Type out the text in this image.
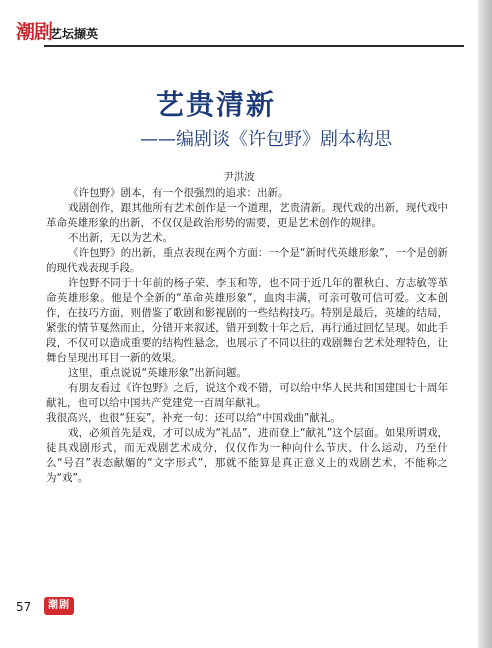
潮剧
艺坛撷英
艺贵清新
——编剧谈《许包野》剧本构思
尹洪波

《许包野》剧本，有一个很强烈的追求：出新。

戏剧创作，跟其他所有艺术创作是一个道理，艺贵清新。现代戏的出新，现代戏中革命英雄形象的出新，不仅仅是政治形势的需要，更是艺术创作的规律。

不出新，无以为艺术。

《许包野》的出新，重点表现在两个方面：一个是“新时代英雄形象”，一个是创新的现代戏表现手段。

许包野不同于十年前的杨子荣、李玉和等，也不同于近几年的瞿秋白、方志敏等革命英雄形象。他是个全新的“革命英雄形象”，血肉丰满，可亲可敬可信可爱。文本创作，在技巧方面，则借鉴了歌剧和影视剧的一些结构技巧。特别是最后，英雄的结局，紧张的情节戛然而止，分错开来叙述，错开到数十年之后，再行通过回忆呈现。如此手段，不仅可以造成重要的结构性悬念，也展示了不同以往的戏剧舞台艺术处理特色，让舞台呈现出耳目一新的效果。

这里，重点说说“英雄形象”出新问题。

有朋友看过《许包野》之后，说这个戏不错，可以给中华人民共和国建国七十周年献礼，也可以给中国共产党建党一百周年献礼。

我很高兴，也很“狂妄”，补充一句：还可以给“中国戏曲”献礼。

戏，必须首先是戏，才可以成为“礼品”，进而登上“献礼”这个层面。如果所谓戏，徒具戏剧形式，而无戏剧艺术成分，仅仅作为一种向什么节庆、什么运动，乃至什么“号召”表态献媚的“文字形式”，那就不能算是真正意义上的戏剧艺术，不能称之为“戏”。

57	潮剧
